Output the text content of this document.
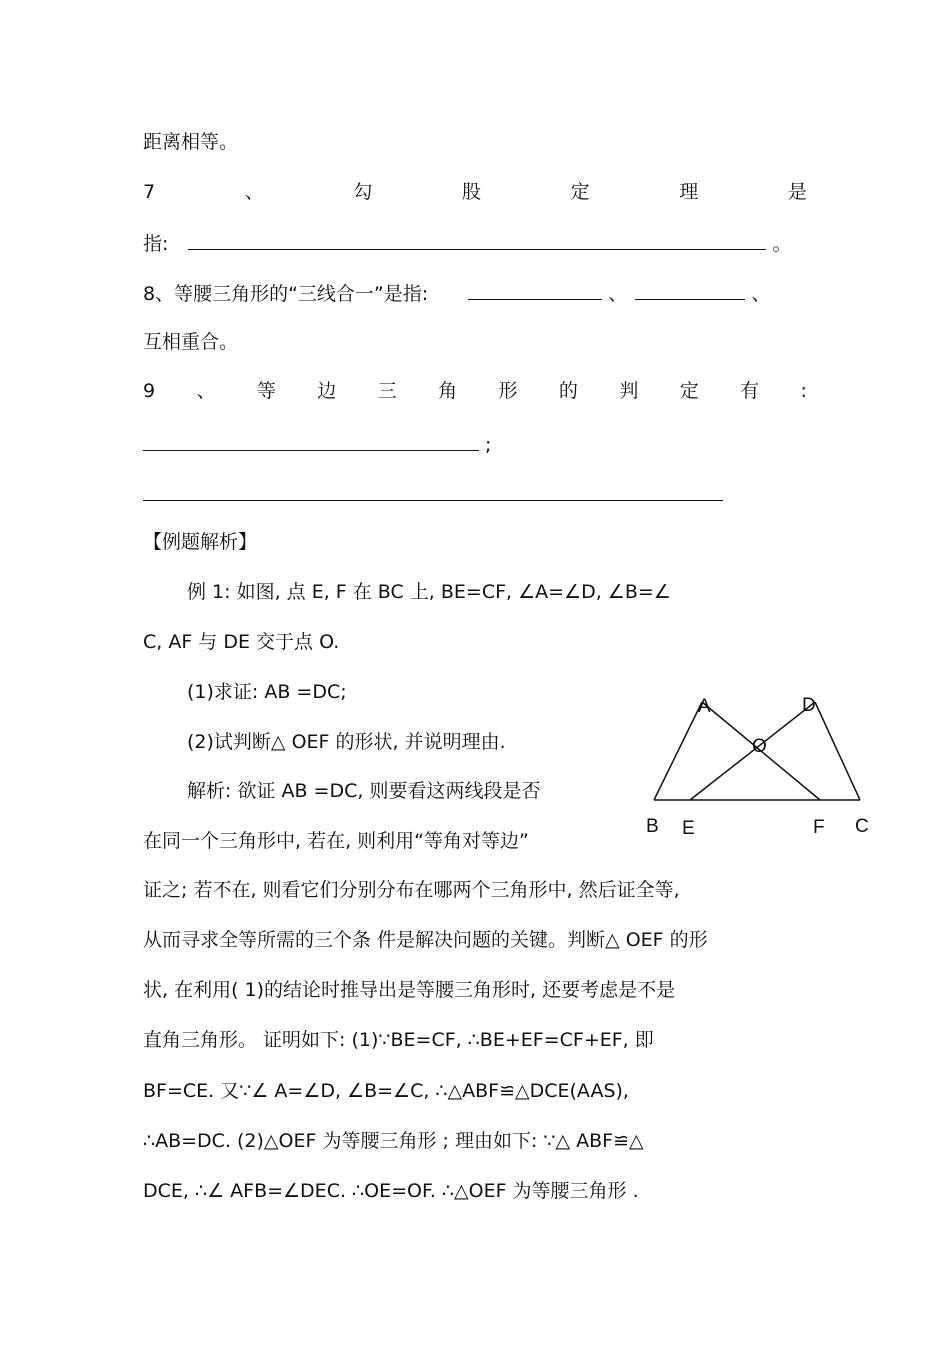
距离相等。
7	、	勾	股	定	理	是
指:	。
8、等腰三角形的“三线合一”是指:	、	、
互相重合。
9 、 等 边 三 角 形 的 判 定 有 :
;
【例题解析】
例 1: 如图, 点 E, F 在 BC 上, BE=CF, ∠A=∠D, ∠B=∠
C, AF 与 DE 交于点 O.
(1)求证: AB =DC;
(2)试判断△ OEF 的形状, 并说明理由.
解析: 欲证 AB =DC, 则要看这两线段是否
在同一个三角形中, 若在, 则利用“等角对等边”
证之; 若不在, 则看它们分别分布在哪两个三角形中, 然后证全等,
从而寻求全等所需的三个条 件是解决问题的关键。判断△ OEF 的形
状, 在利用( 1)的结论时推导出是等腰三角形时, 还要考虑是不是
直角三角形。 证明如下: (1)∵BE=CF, ∴BE+EF=CF+EF, 即
BF=CE. 又∵∠ A=∠D, ∠B=∠C, ∴△ABF≌△DCE(AAS),
∴AB=DC. (2)△OEF 为等腰三角形 ; 理由如下: ∵△ ABF≌△
DCE, ∴∠ AFB=∠DEC. ∴OE=OF. ∴△OEF 为等腰三角形 .
A	D
O
B E	F C
